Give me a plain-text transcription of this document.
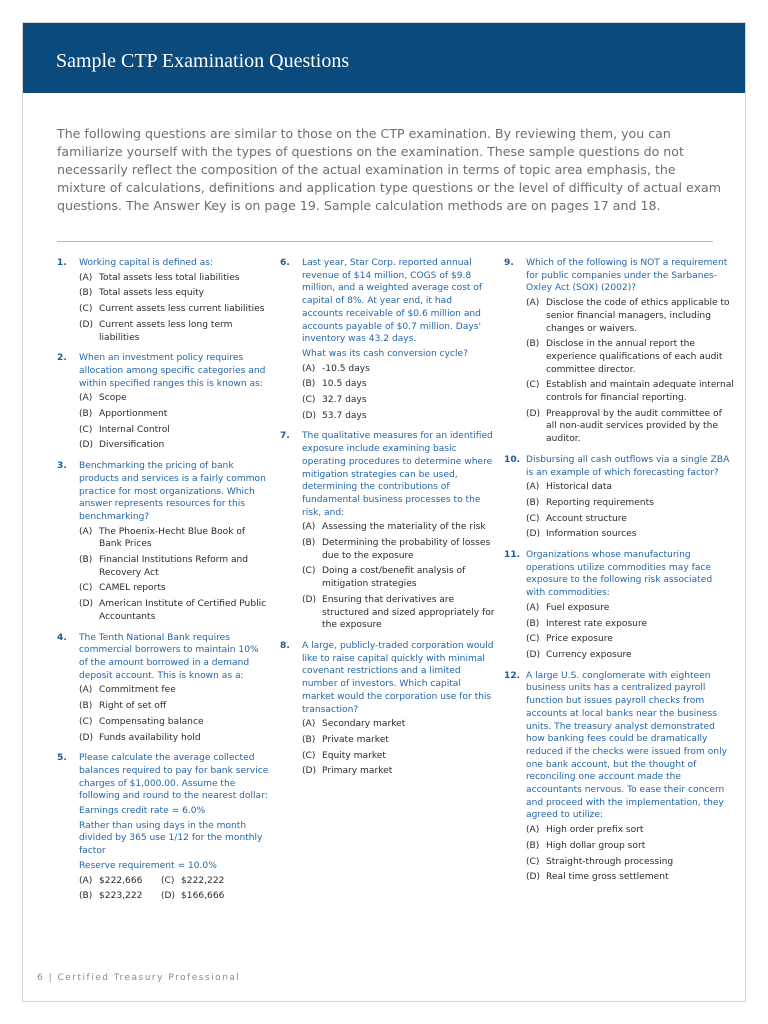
Sample CTP Examination Questions

The following questions are similar to those on the CTP examination. By reviewing them, you can familiarize yourself with the types of questions on the examination. These sample questions do not necessarily reflect the composition of the actual examination in terms of topic area emphasis, the mixture of calculations, definitions and application type questions or the level of difficulty of actual exam questions. The Answer Key is on page 19. Sample calculation methods are on pages 17 and 18.

1. Working capital is defined as:
(A) Total assets less total liabilities
(B) Total assets less equity
(C) Current assets less current liabilities
(D) Current assets less long term liabilities
2. When an investment policy requires allocation among specific categories and within specified ranges this is known as:
(A) Scope
(B) Apportionment
(C) Internal Control
(D) Diversification
3. Benchmarking the pricing of bank products and services is a fairly common practice for most organizations. Which answer represents resources for this benchmarking?
(A) The Phoenix-Hecht Blue Book of Bank Prices
(B) Financial Institutions Reform and Recovery Act
(C) CAMEL reports
(D) American Institute of Certified Public Accountants
4. The Tenth National Bank requires commercial borrowers to maintain 10% of the amount borrowed in a demand deposit account. This is known as a:
(A) Commitment fee
(B) Right of set off
(C) Compensating balance
(D) Funds availability hold
5. Please calculate the average collected balances required to pay for bank service charges of $1,000.00. Assume the following and round to the nearest dollar:
Earnings credit rate = 6.0%
Rather than using days in the month divided by 365 use 1/12 for the monthly factor
Reserve requirement = 10.0%
(A) $222,666	(C) $222,222
(B) $223,222	(D) $166,666
6. Last year, Star Corp. reported annual revenue of $14 million, COGS of $9.8 million, and a weighted average cost of capital of 8%. At year end, it had accounts receivable of $0.6 million and accounts payable of $0.7 million. Days' inventory was 43.2 days.
What was its cash conversion cycle?
(A) -10.5 days
(B) 10.5 days
(C) 32.7 days
(D) 53.7 days
7. The qualitative measures for an identified exposure include examining basic operating procedures to determine where mitigation strategies can be used, determining the contributions of fundamental business processes to the risk, and:
(A) Assessing the materiality of the risk
(B) Determining the probability of losses due to the exposure
(C) Doing a cost/benefit analysis of mitigation strategies
(D) Ensuring that derivatives are structured and sized appropriately for the exposure
8. A large, publicly-traded corporation would like to raise capital quickly with minimal covenant restrictions and a limited number of investors. Which capital market would the corporation use for this transaction?
(A) Secondary market
(B) Private market
(C) Equity market
(D) Primary market
9. Which of the following is NOT a requirement for public companies under the Sarbanes-Oxley Act (SOX) (2002)?
(A) Disclose the code of ethics applicable to senior financial managers, including changes or waivers.
(B) Disclose in the annual report the experience qualifications of each audit committee director.
(C) Establish and maintain adequate internal controls for financial reporting.
(D) Preapproval by the audit committee of all non-audit services provided by the auditor.
10. Disbursing all cash outflows via a single ZBA is an example of which forecasting factor?
(A) Historical data
(B) Reporting requirements
(C) Account structure
(D) Information sources
11. Organizations whose manufacturing operations utilize commodities may face exposure to the following risk associated with commodities:
(A) Fuel exposure
(B) Interest rate exposure
(C) Price exposure
(D) Currency exposure
12. A large U.S. conglomerate with eighteen business units has a centralized payroll function but issues payroll checks from accounts at local banks near the business units. The treasury analyst demonstrated how banking fees could be dramatically reduced if the checks were issued from only one bank account, but the thought of reconciling one account made the accountants nervous. To ease their concern and proceed with the implementation, they agreed to utilize:
(A) High order prefix sort
(B) High dollar group sort
(C) Straight-through processing
(D) Real time gross settlement
6 | Certified Treasury Professional
